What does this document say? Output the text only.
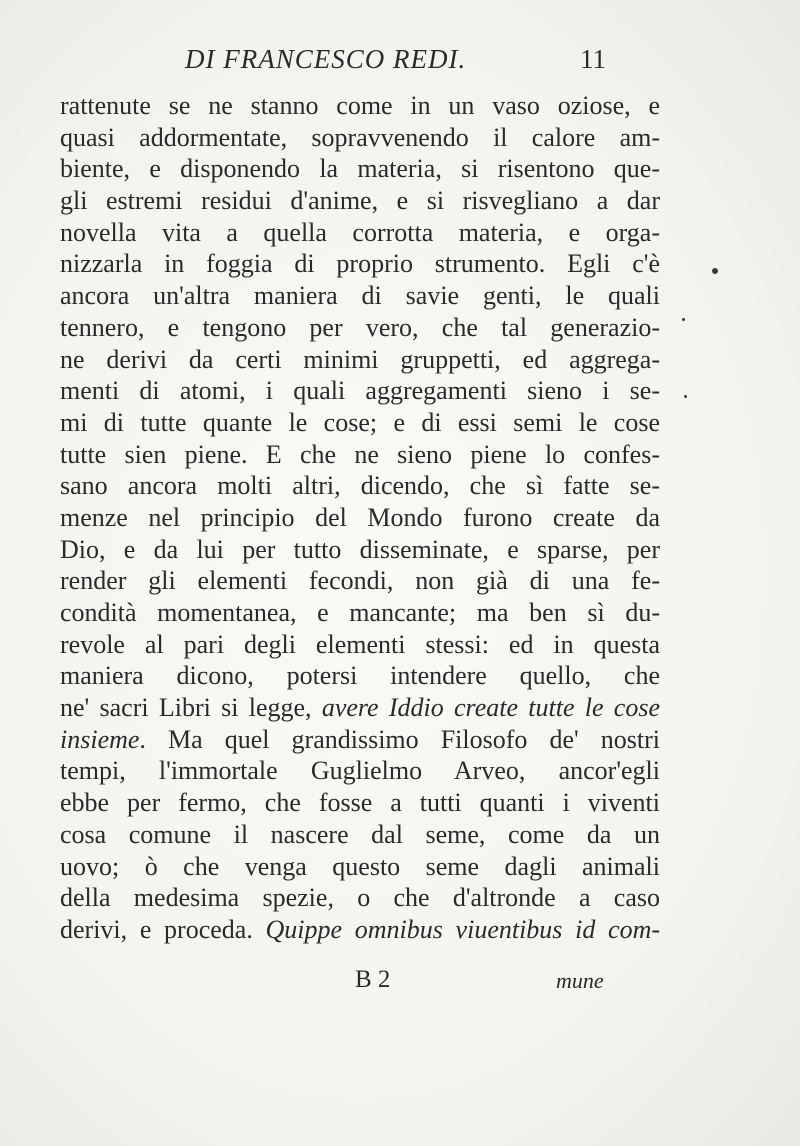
DI FRANCESCO REDI.	11
rattenute se ne stanno come in un vaso oziose, e
quasi addormentate, sopravvenendo il calore am-
biente, e disponendo la materia, si risentono que-
gli estremi residui d'anime, e si risvegliano a dar
novella vita a quella corrotta materia, e orga-
nizzarla in foggia di proprio strumento. Egli c'è
ancora un'altra maniera di savie genti, le quali
tennero, e tengono per vero, che tal generazio-
ne derivi da certi minimi gruppetti, ed aggrega-
menti di atomi, i quali aggregamenti sieno i se-
mi di tutte quante le cose; e di essi semi le cose
tutte sien piene. E che ne sieno piene lo confes-
sano ancora molti altri, dicendo, che sì fatte se-
menze nel principio del Mondo furono create da
Dio, e da lui per tutto disseminate, e sparse, per
render gli elementi fecondi, non già di una fe-
condità momentanea, e mancante; ma ben sì du-
revole al pari degli elementi stessi: ed in questa
maniera dicono, potersi intendere quello, che
ne' sacri Libri si legge, avere Iddio create tutte le cose
insieme. Ma quel grandissimo Filosofo de' nostri
tempi, l'immortale Guglielmo Arveo, ancor'egli
ebbe per fermo, che fosse a tutti quanti i viventi
cosa comune il nascere dal seme, come da un
uovo; ò che venga questo seme dagli animali
della medesima spezie, o che d'altronde a caso
derivi, e proceda. Quippe omnibus viuentibus id com-
B 2	mune
